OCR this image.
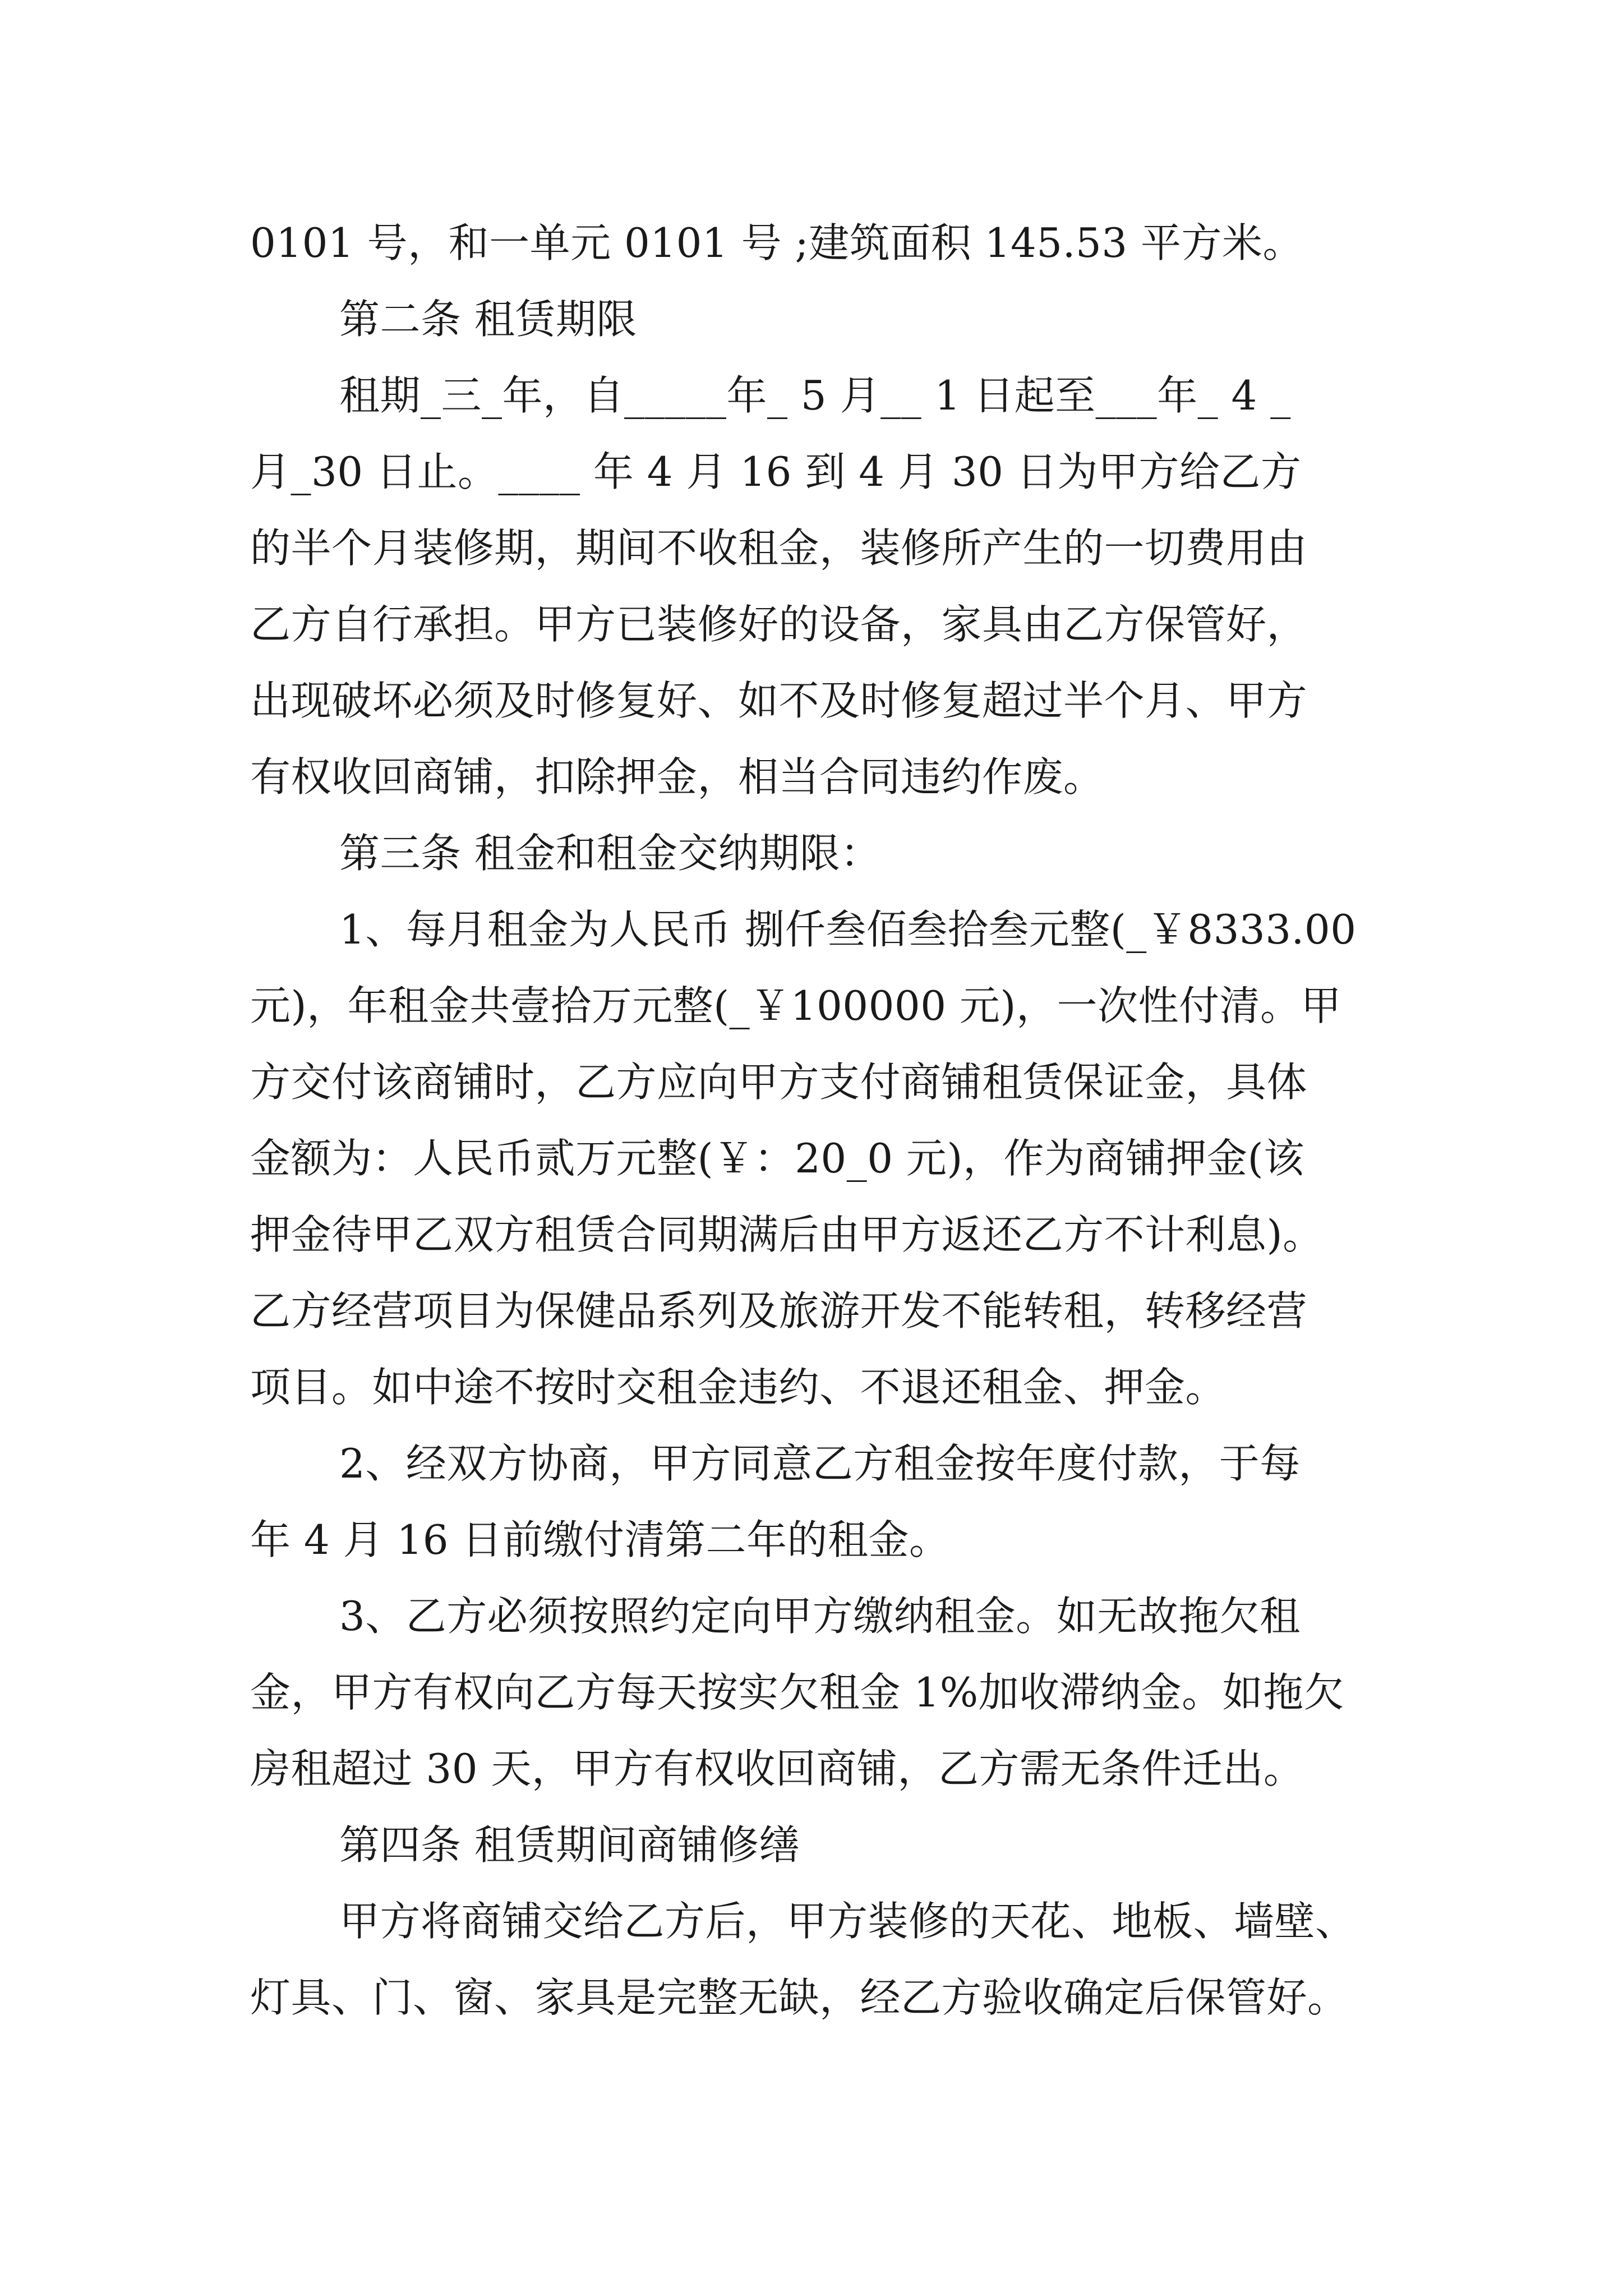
0101 号，和一单元 0101 号 ;建筑面积 145.53 平方米。
第二条 租赁期限
租期_三_年，自_____年_ 5 月__ 1 日起至___年_ 4 _
月_30 日止。____ 年 4 月 16 到 4 月 30 日为甲方给乙方
的半个月装修期，期间不收租金，装修所产生的一切费用由
乙方自行承担。甲方已装修好的设备，家具由乙方保管好，
出现破坏必须及时修复好、如不及时修复超过半个月、甲方
有权收回商铺，扣除押金，相当合同违约作废。
第三条 租金和租金交纳期限：
1、每月租金为人民币 捌仟叁佰叁拾叁元整(_￥8333.00
元)，年租金共壹拾万元整(_￥100000 元)，一次性付清。甲
方交付该商铺时，乙方应向甲方支付商铺租赁保证金，具体
金额为：人民币贰万元整(￥：20_0 元)，作为商铺押金(该
押金待甲乙双方租赁合同期满后由甲方返还乙方不计利息)。
乙方经营项目为保健品系列及旅游开发不能转租，转移经营
项目。如中途不按时交租金违约、不退还租金、押金。
2、经双方协商，甲方同意乙方租金按年度付款，于每
年 4 月 16 日前缴付清第二年的租金。
3、乙方必须按照约定向甲方缴纳租金。如无故拖欠租
金，甲方有权向乙方每天按实欠租金 1%加收滞纳金。如拖欠
房租超过 30 天，甲方有权收回商铺，乙方需无条件迁出。
第四条 租赁期间商铺修缮
甲方将商铺交给乙方后，甲方装修的天花、地板、墙壁、
灯具、门、窗、家具是完整无缺，经乙方验收确定后保管好。
